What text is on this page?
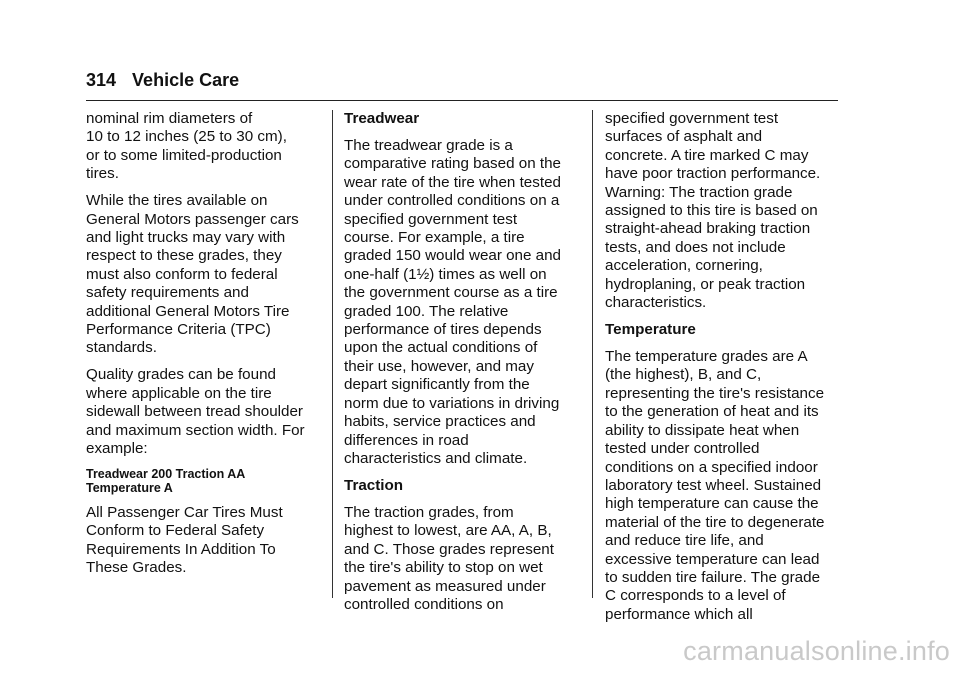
314 Vehicle Care

nominal rim diameters of
10 to 12 inches (25 to 30 cm),
or to some limited-production
tires.

While the tires available on
General Motors passenger cars
and light trucks may vary with
respect to these grades, they
must also conform to federal
safety requirements and
additional General Motors Tire
Performance Criteria (TPC)
standards.

Quality grades can be found
where applicable on the tire
sidewall between tread shoulder
and maximum section width. For
example:

Treadwear 200 Traction AA
Temperature A

All Passenger Car Tires Must
Conform to Federal Safety
Requirements In Addition To
These Grades.

Treadwear

The treadwear grade is a
comparative rating based on the
wear rate of the tire when tested
under controlled conditions on a
specified government test
course. For example, a tire
graded 150 would wear one and
one-half (1½) times as well on
the government course as a tire
graded 100. The relative
performance of tires depends
upon the actual conditions of
their use, however, and may
depart significantly from the
norm due to variations in driving
habits, service practices and
differences in road
characteristics and climate.

Traction

The traction grades, from
highest to lowest, are AA, A, B,
and C. Those grades represent
the tire's ability to stop on wet
pavement as measured under
controlled conditions on

specified government test
surfaces of asphalt and
concrete. A tire marked C may
have poor traction performance.
Warning: The traction grade
assigned to this tire is based on
straight-ahead braking traction
tests, and does not include
acceleration, cornering,
hydroplaning, or peak traction
characteristics.

Temperature

The temperature grades are A
(the highest), B, and C,
representing the tire's resistance
to the generation of heat and its
ability to dissipate heat when
tested under controlled
conditions on a specified indoor
laboratory test wheel. Sustained
high temperature can cause the
material of the tire to degenerate
and reduce tire life, and
excessive temperature can lead
to sudden tire failure. The grade
C corresponds to a level of
performance which all

carmanualsonline.info
